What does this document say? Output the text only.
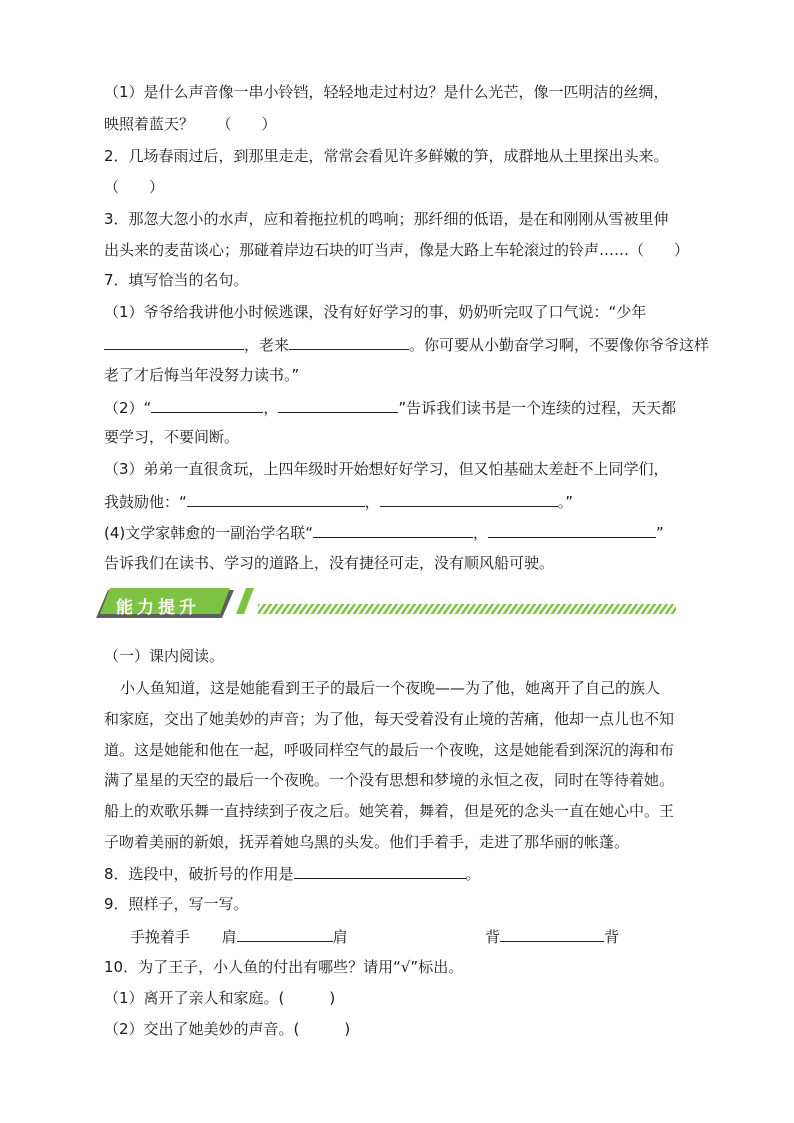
（1）是什么声音像一串小铃铛，轻轻地走过村边？是什么光芒，像一匹明洁的丝绸，
映照着蓝天？　　（　　）
2．几场春雨过后，到那里走走，常常会看见许多鲜嫩的笋，成群地从土里探出头来。
（　　）
3．那忽大忽小的水声，应和着拖拉机的鸣响；那纤细的低语，是在和刚刚从雪被里伸
出头来的麦苗谈心；那碰着岸边石块的叮当声，像是大路上车轮滚过的铃声……（　　）
7．填写恰当的名句。
（1）爷爷给我讲他小时候逃课，没有好好学习的事，奶奶听完叹了口气说：“少年
，老来	。你可要从小勤奋学习啊，不要像你爷爷这样
老了才后悔当年没努力读书。”
（2）“	，	”告诉我们读书是一个连续的过程，天天都
要学习，不要间断。
（3）弟弟一直很贪玩，上四年级时开始想好好学习，但又怕基础太差赶不上同学们，
我鼓励他：“	，	。”
(4)文学家韩愈的一副治学名联“	，	”
告诉我们在读书、学习的道路上，没有捷径可走，没有顺风船可驶。
能力提升
（一）课内阅读。
小人鱼知道，这是她能看到王子的最后一个夜晚——为了他，她离开了自己的族人
和家庭，交出了她美妙的声音；为了他，每天受着没有止境的苦痛，他却一点儿也不知
道。这是她能和他在一起，呼吸同样空气的最后一个夜晚，这是她能看到深沉的海和布
满了星星的天空的最后一个夜晚。一个没有思想和梦境的永恒之夜，同时在等待着她。
船上的欢歌乐舞一直持续到子夜之后。她笑着，舞着，但是死的念头一直在她心中。王
子吻着美丽的新娘，抚弄着她乌黑的头发。他们手着手，走进了那华丽的帐蓬。
8．选段中，破折号的作用是	。
9．照样子，写一写。
手挽着手 肩	肩	背	背
10．为了王子，小人鱼的付出有哪些？请用“√”标出。
（1）离开了亲人和家庭。(　　　)
（2）交出了她美妙的声音。(　　　)
